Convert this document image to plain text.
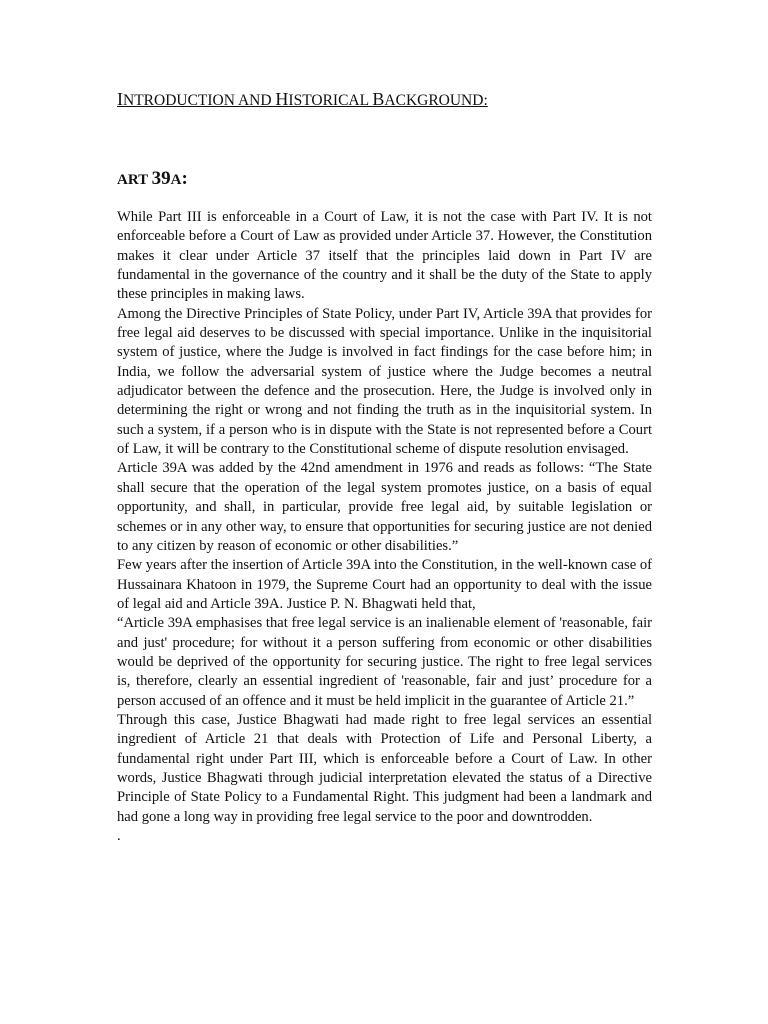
INTRODUCTION AND HISTORICAL BACKGROUND:
ART 39A:

While Part III is enforceable in a Court of Law, it is not the case with Part IV. It is not enforceable before a Court of Law as provided under Article 37. However, the Constitution makes it clear under Article 37 itself that the principles laid down in Part IV are fundamental in the governance of the country and it shall be the duty of the State to apply these principles in making laws.

Among the Directive Principles of State Policy, under Part IV, Article 39A that provides for free legal aid deserves to be discussed with special importance. Unlike in the inquisitorial system of justice, where the Judge is involved in fact findings for the case before him; in India, we follow the adversarial system of justice where the Judge becomes a neutral adjudicator between the defence and the prosecution. Here, the Judge is involved only in determining the right or wrong and not finding the truth as in the inquisitorial system. In such a system, if a person who is in dispute with the State is not represented before a Court of Law, it will be contrary to the Constitutional scheme of dispute resolution envisaged.

Article 39A was added by the 42nd amendment in 1976 and reads as follows: “The State shall secure that the operation of the legal system promotes justice, on a basis of equal opportunity, and shall, in particular, provide free legal aid, by suitable legislation or schemes or in any other way, to ensure that opportunities for securing justice are not denied to any citizen by reason of economic or other disabilities.”

Few years after the insertion of Article 39A into the Constitution, in the well-known case of Hussainara Khatoon in 1979, the Supreme Court had an opportunity to deal with the issue of legal aid and Article 39A. Justice P. N. Bhagwati held that,

“Article 39A emphasises that free legal service is an inalienable element of 'reasonable, fair and just' procedure; for without it a person suffering from economic or other disabilities would be deprived of the opportunity for securing justice. The right to free legal services is, therefore, clearly an essential ingredient of 'reasonable, fair and just’ procedure for a person accused of an offence and it must be held implicit in the guarantee of Article 21.”

Through this case, Justice Bhagwati had made right to free legal services an essential ingredient of Article 21 that deals with Protection of Life and Personal Liberty, a fundamental right under Part III, which is enforceable before a Court of Law. In other words, Justice Bhagwati through judicial interpretation elevated the status of a Directive Principle of State Policy to a Fundamental Right. This judgment had been a landmark and had gone a long way in providing free legal service to the poor and downtrodden.

.
